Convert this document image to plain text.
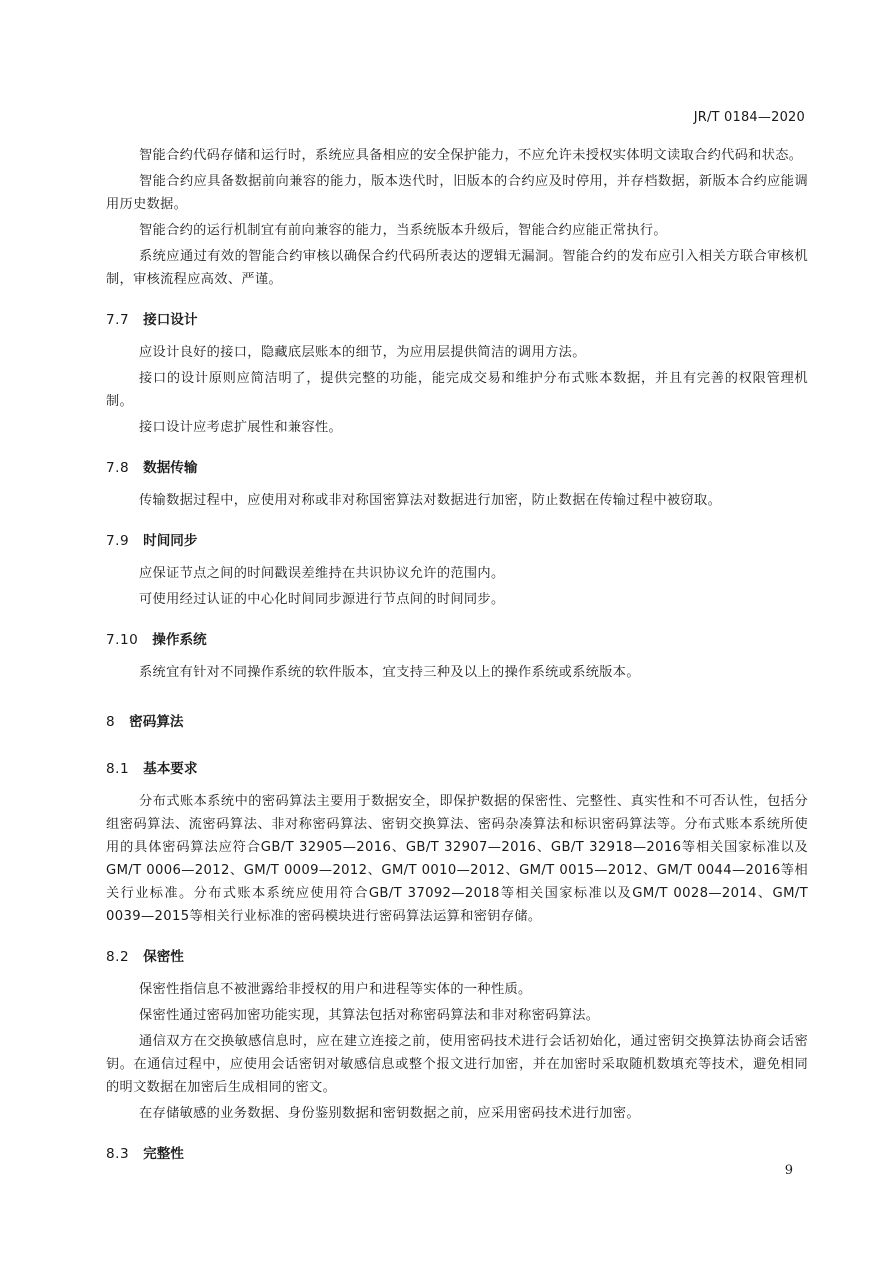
JR/T 0184—2020

智能合约代码存储和运行时，系统应具备相应的安全保护能力，不应允许未授权实体明文读取合约代码和状态。

智能合约应具备数据前向兼容的能力，版本迭代时，旧版本的合约应及时停用，并存档数据，新版本合约应能调用历史数据。

智能合约的运行机制宜有前向兼容的能力，当系统版本升级后，智能合约应能正常执行。

系统应通过有效的智能合约审核以确保合约代码所表达的逻辑无漏洞。智能合约的发布应引入相关方联合审核机制，审核流程应高效、严谨。

7.7 接口设计

应设计良好的接口，隐藏底层账本的细节，为应用层提供简洁的调用方法。

接口的设计原则应简洁明了，提供完整的功能，能完成交易和维护分布式账本数据，并且有完善的权限管理机制。

接口设计应考虑扩展性和兼容性。

7.8 数据传输

传输数据过程中，应使用对称或非对称国密算法对数据进行加密，防止数据在传输过程中被窃取。

7.9 时间同步

应保证节点之间的时间戳误差维持在共识协议允许的范围内。

可使用经过认证的中心化时间同步源进行节点间的时间同步。

7.10 操作系统

系统宜有针对不同操作系统的软件版本，宜支持三种及以上的操作系统或系统版本。

8 密码算法
8.1 基本要求

分布式账本系统中的密码算法主要用于数据安全，即保护数据的保密性、完整性、真实性和不可否认性，包括分组密码算法、流密码算法、非对称密码算法、密钥交换算法、密码杂凑算法和标识密码算法等。分布式账本系统所使用的具体密码算法应符合GB/T 32905—2016、GB/T 32907—2016、GB/T 32918—2016等相关国家标准以及GM/T 0006—2012、GM/T 0009—2012、GM/T 0010—2012、GM/T 0015—2012、GM/T 0044—2016等相关行业标准。分布式账本系统应使用符合GB/T 37092—2018等相关国家标准以及GM/T 0028—2014、GM/T 0039—2015等相关行业标准的密码模块进行密码算法运算和密钥存储。

8.2 保密性

保密性指信息不被泄露给非授权的用户和进程等实体的一种性质。

保密性通过密码加密功能实现，其算法包括对称密码算法和非对称密码算法。

通信双方在交换敏感信息时，应在建立连接之前，使用密码技术进行会话初始化，通过密钥交换算法协商会话密钥。在通信过程中，应使用会话密钥对敏感信息或整个报文进行加密，并在加密时采取随机数填充等技术，避免相同的明文数据在加密后生成相同的密文。

在存储敏感的业务数据、身份鉴别数据和密钥数据之前，应采用密码技术进行加密。

8.3 完整性
9
